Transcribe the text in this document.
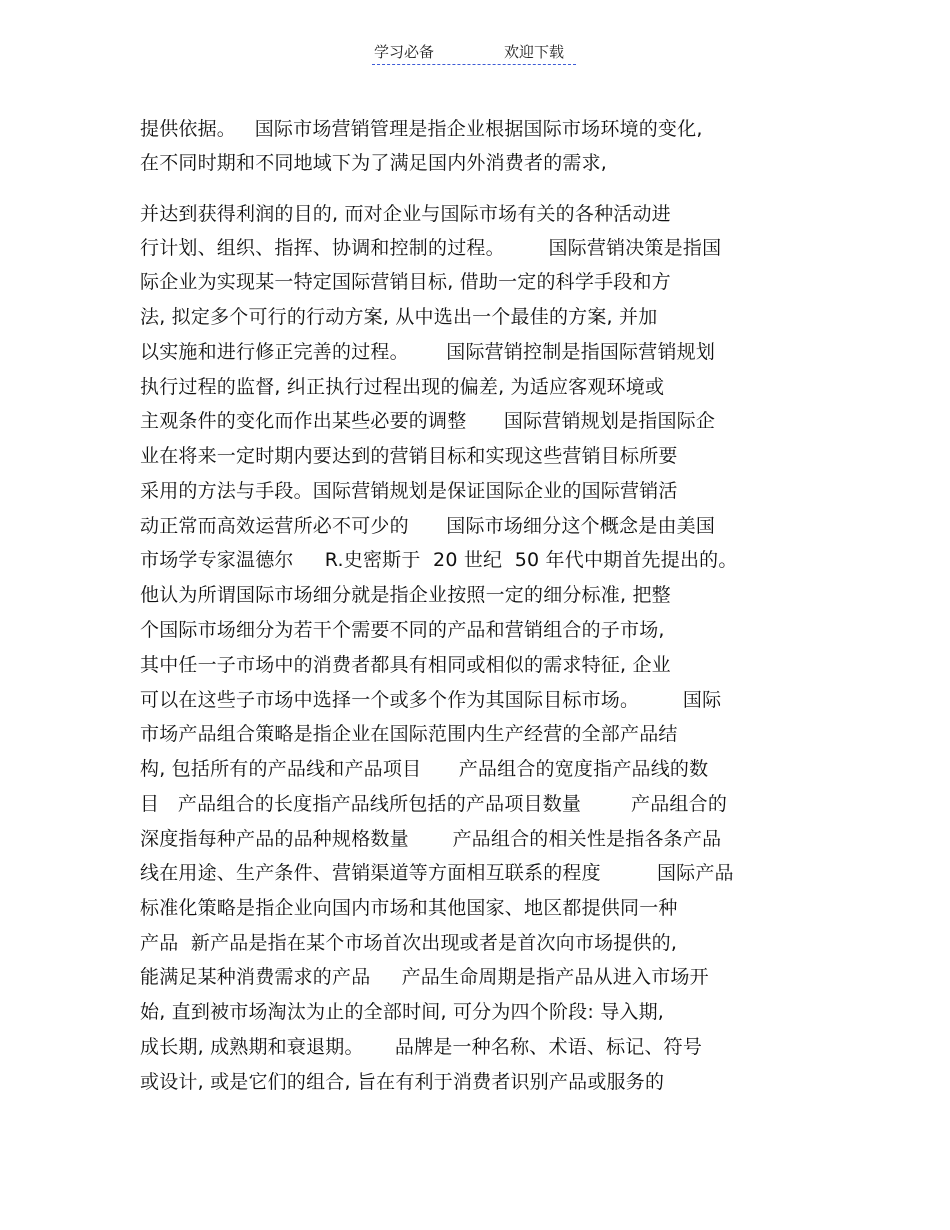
学习必备	欢迎下载
提供依据。   国际市场营销管理是指企业根据国际市场环境的变化,
在不同时期和不同地域下为了满足国内外消费者的需求,
并达到获得利润的目的, 而对企业与国际市场有关的各种活动进
行计划、组织、指挥、协调和控制的过程。       国际营销决策是指国
际企业为实现某一特定国际营销目标, 借助一定的科学手段和方
法, 拟定多个可行的行动方案, 从中选出一个最佳的方案, 并加
以实施和进行修正完善的过程。      国际营销控制是指国际营销规划
执行过程的监督, 纠正执行过程出现的偏差, 为适应客观环境或
主观条件的变化而作出某些必要的调整      国际营销规划是指国际企
业在将来一定时期内要达到的营销目标和实现这些营销目标所要
采用的方法与手段。国际营销规划是保证国际企业的国际营销活
动正常而高效运营所必不可少的      国际市场细分这个概念是由美国
市场学专家温德尔     R.史密斯于  20 世纪  50 年代中期首先提出的。
他认为所谓国际市场细分就是指企业按照一定的细分标准, 把整
个国际市场细分为若干个需要不同的产品和营销组合的子市场,
其中任一子市场中的消费者都具有相同或相似的需求特征, 企业
可以在这些子市场中选择一个或多个作为其国际目标市场。       国际
市场产品组合策略是指企业在国际范围内生产经营的全部产品结
构, 包括所有的产品线和产品项目      产品组合的宽度指产品线的数
目   产品组合的长度指产品线所包括的产品项目数量        产品组合的
深度指每种产品的品种规格数量       产品组合的相关性是指各条产品
线在用途、生产条件、营销渠道等方面相互联系的程度         国际产品
标准化策略是指企业向国内市场和其他国家、地区都提供同一种
产品  新产品是指在某个市场首次出现或者是首次向市场提供的,
能满足某种消费需求的产品     产品生命周期是指产品从进入市场开
始, 直到被市场淘汰为止的全部时间, 可分为四个阶段: 导入期,
成长期, 成熟期和衰退期。     品牌是一种名称、术语、标记、符号
或设计, 或是它们的组合, 旨在有利于消费者识别产品或服务的
